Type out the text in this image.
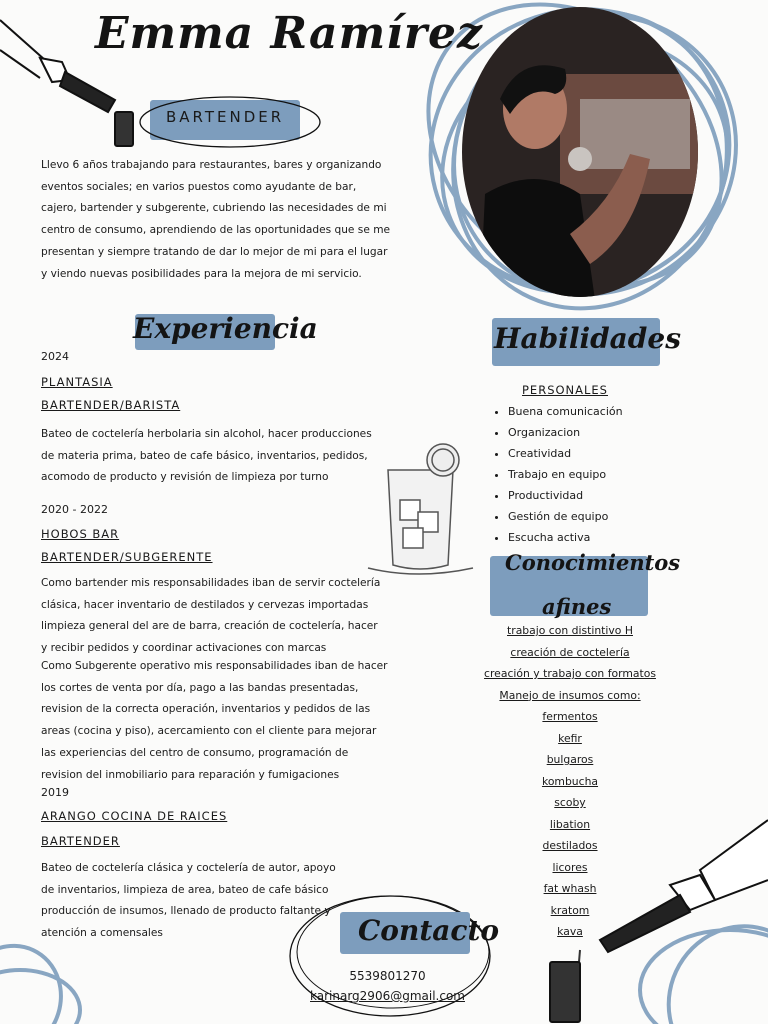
Emma Ramírez
BARTENDER
Llevo 6 años trabajando para restaurantes, bares y organizando eventos sociales; en varios puestos como ayudante de bar, cajero, bartender y subgerente, cubriendo las necesidades de mi centro de consumo, aprendiendo de las oportunidades que se me presentan y siempre tratando de dar lo mejor de mi para el lugar y viendo nuevas posibilidades para la mejora de mi servicio.
Experiencia
2024
PLANTASIA
BARTENDER/BARISTA
Bateo de coctelería herbolaria sin alcohol, hacer producciones de materia prima, bateo de cafe básico, inventarios, pedidos, acomodo de producto y revisión de limpieza por turno
2020 - 2022
HOBOS BAR
BARTENDER/SUBGERENTE
Como bartender mis responsabilidades iban de servir coctelería clásica, hacer inventario de destilados y cervezas importadas limpieza general del are de barra, creación de coctelería, hacer y recibir pedidos y coordinar activaciones con marcas
Como Subgerente operativo mis responsabilidades iban de hacer los cortes de venta por día, pago a las bandas presentadas, revision de la correcta operación, inventarios y pedidos de las areas (cocina y piso), acercamiento con el cliente para mejorar las experiencias del centro de consumo, programación de revision del inmobiliario para reparación y fumigaciones
2019
ARANGO COCINA DE RAICES
BARTENDER
Bateo de coctelería clásica y coctelería de autor, apoyo de inventarios, limpieza de area, bateo de cafe básico producción de insumos, llenado de producto faltante y atención a comensales
Habilidades
PERSONALES
• Buena comunicación
• Organizacion
• Creatividad
• Trabajo en equipo
• Productividad
• Gestión de equipo
• Escucha activa
Conocimientos
afines
trabajo con distintivo H
creación de coctelería
creación y trabajo con formatos
Manejo de insumos como:
fermentos
kefir
bulgaros
kombucha
scoby
libation
destilados
licores
fat whash
kratom
kava
Contacto
5539801270
karinarg2906@gmail.com
